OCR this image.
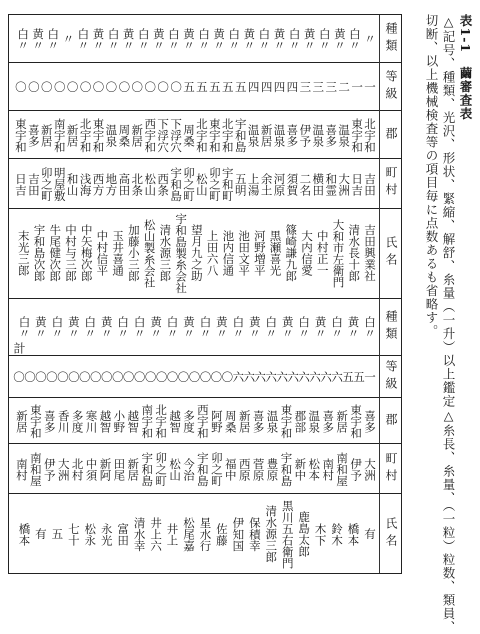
表1-1　繭審査表
△記号、種類、光沢、形状、緊縮、解舒、糸量（一升）以上鑑定△糸長、糸量、（一粒）粒数、類員、
切断、以上機械検査等の項目毎に点数あるも省略す。
種類
等級
郡
町村
氏名
種類
等級
郡
町村
氏名
計
〃
白〃
黄〃
白〃
黄〃
白〃
黄〃
白〃
黄〃
白〃
黄〃
白〃
黄〃
白〃
黄〃
白〃
黄〃
白〃
黄〃
白〃
〃
白〃
黄〃
白〃
一
一
二
三
三
三
四
四
四
四
五
五
五
五
五
〇
〇
〇
〇
〇
〇
〇
〇
〇
〇
〇
〇
〇
北宇和
東宇和
温泉
喜多
温泉
伊予
喜多
温泉
新居
温泉
宇和島
北宇和
東宇和
北宇和
周桑
下浮穴
下浮穴
西宇和
新居
周桑
温泉
東宇和
北宇和
新居
南宇和
新居
喜多
東宇和
吉田
日吉
大洲
和霊
横田
二名
須賀
河原
余土
上湯
五明
宇和町
卯之町
松山
卯之町
宇和島
西条
松山
北条
高田
地方
西方
浅海
和山
明屋敷
卯之町
吉田
日吉
吉田興業社
清水長十郎
大和市左衛門
中村正一
大内信愛
篠崎謙九郎
黒瀬喜光
河野増平
池田文平
池内信通
上田六八
望月九之助
宇和島製糸会社
清水源三郎
松山製糸会社
加藤小三郎
玉井喜通
中村信平
中矢梅次郎
中村与三郎
牛尾健次郎
宇和島次郎
末光三郎
白〃
黄〃
白〃
黄〃
白〃
黄〃
白〃
黄〃
白〃
黄〃
白〃
黄〃
白〃
黄〃
白〃
白〃
黄〃
白〃
黄〃
白〃
黄〃
白〃
一
五
五
六
六
六
六
六
六
六
六
六
六
〇
〇
〇
〇
〇
〇
〇
〇
〇
〇
〇
〇
〇
〇
〇
〇
〇
〇
〇
〇
喜多
東宇和
新居
喜多
温泉
郡部
東宇和
温泉
喜多
新居
周桑
阿野
西宇和
多度
越智
北宇和
南宇和
越智
小野
越智
寒川
多度
香川
喜多
東宇和
新居
大洲
伊予
南和屋
南村
松本
新中
宇和島
豊原
菅原
西原
福中
卯之町
宇和島
今治
松山
卯之町
宇和島
新居
田尾
新阿
中須
北村
大洲
伊予
南和屋
南村
有
橋本
鈴木
木下
鹿島太郎
黒川五右衛門
清水源三郎
保積幸
伊知国
佐藤
星水行
松尾嘉
井上
井上六
清水幸
富田
永光
松永
七十
五
有
橋本
